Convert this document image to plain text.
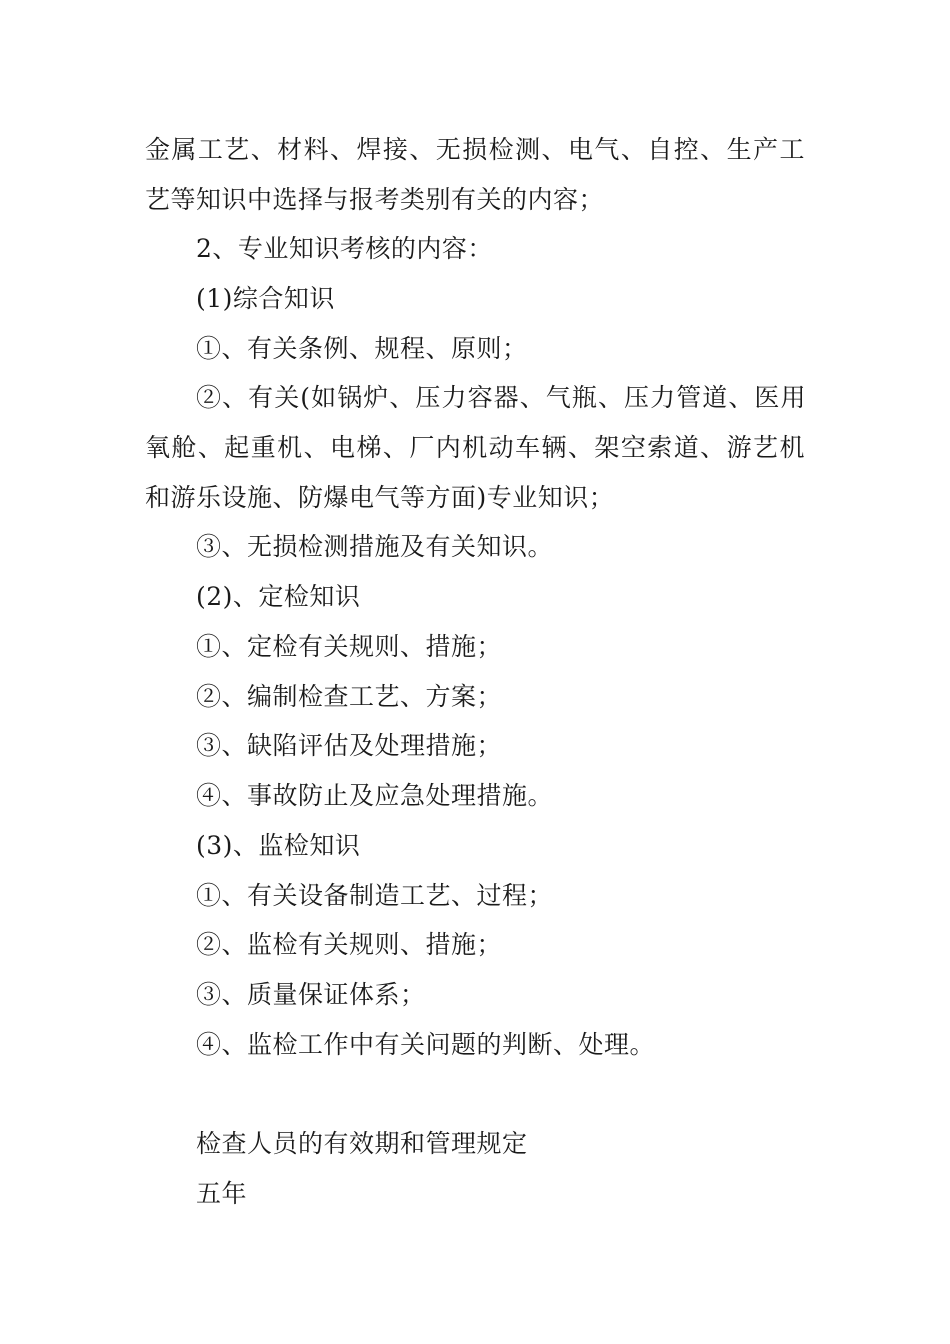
金属工艺、材料、焊接、无损检测、电气、自控、生产工
艺等知识中选择与报考类别有关的内容；
2、专业知识考核的内容：
(1)综合知识
①、有关条例、规程、原则；
②、有关(如锅炉、压力容器、气瓶、压力管道、医用
氧舱、起重机、电梯、厂内机动车辆、架空索道、游艺机
和游乐设施、防爆电气等方面)专业知识；
③、无损检测措施及有关知识。
(2)、定检知识
①、定检有关规则、措施；
②、编制检查工艺、方案；
③、缺陷评估及处理措施；
④、事故防止及应急处理措施。
(3)、监检知识
①、有关设备制造工艺、过程；
②、监检有关规则、措施；
③、质量保证体系；
④、监检工作中有关问题的判断、处理。
检查人员的有效期和管理规定
五年
